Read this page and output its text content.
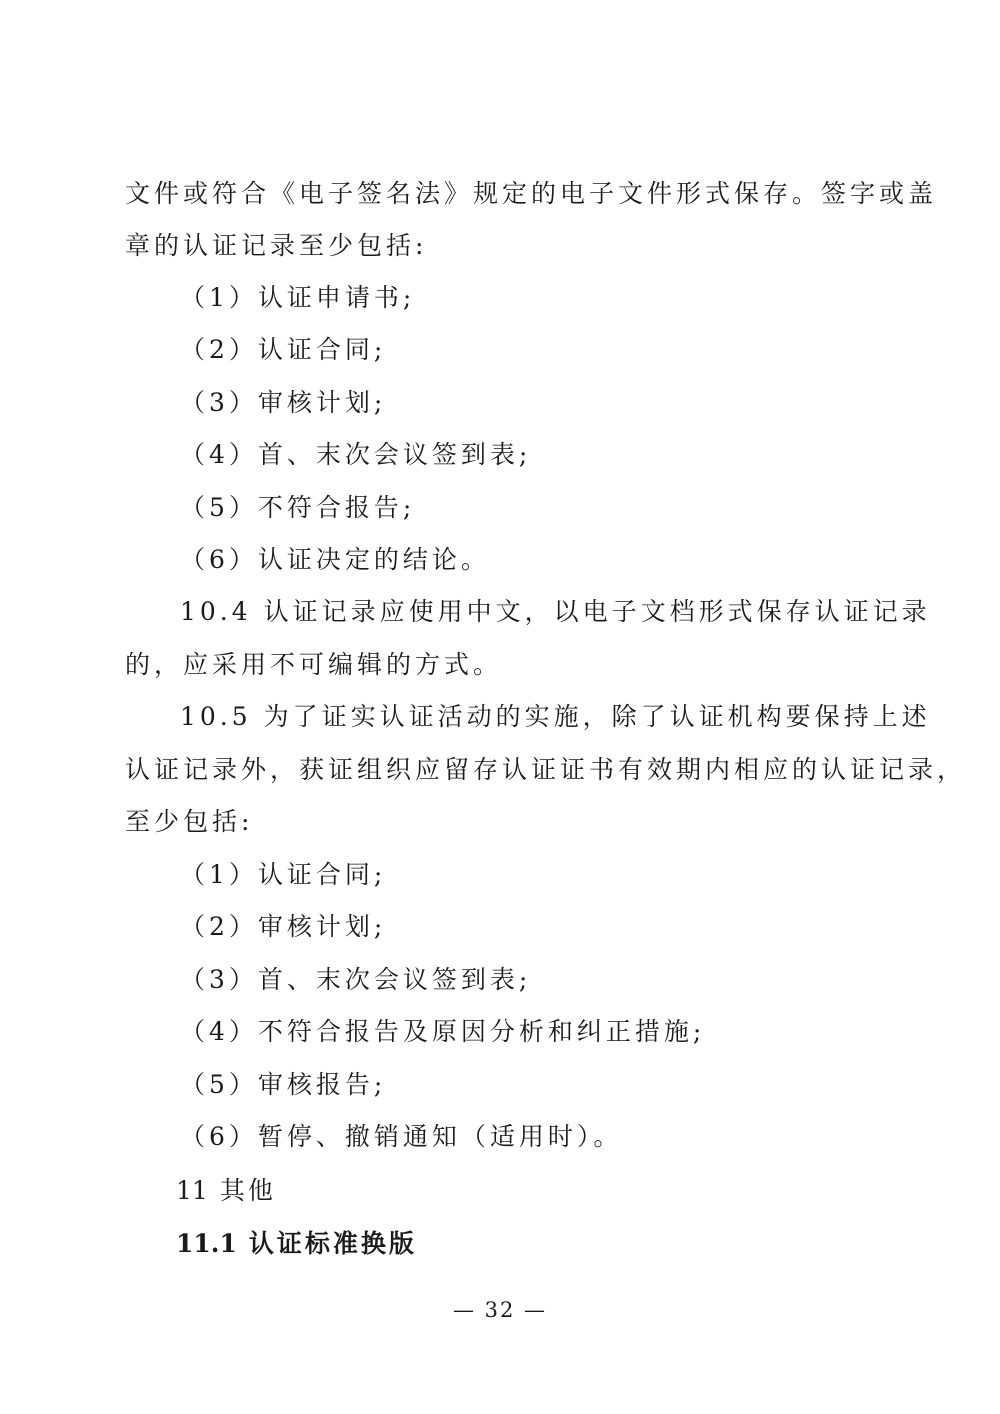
文件或符合《电子签名法》规定的电子文件形式保存。签字或盖
章的认证记录至少包括:
（1）认证申请书;
（2）认证合同;
（3）审核计划;
（4）首、末次会议签到表;
（5）不符合报告;
（6）认证决定的结论。
10.4 认证记录应使用中文，以电子文档形式保存认证记录
的，应采用不可编辑的方式。
10.5 为了证实认证活动的实施，除了认证机构要保持上述
认证记录外，获证组织应留存认证证书有效期内相应的认证记录，
至少包括:
（1）认证合同;
（2）审核计划;
（3）首、末次会议签到表;
（4）不符合报告及原因分析和纠正措施;
（5）审核报告;
（6）暂停、撤销通知（适用时）。
11 其他
11.1 认证标准换版
— 32 —
